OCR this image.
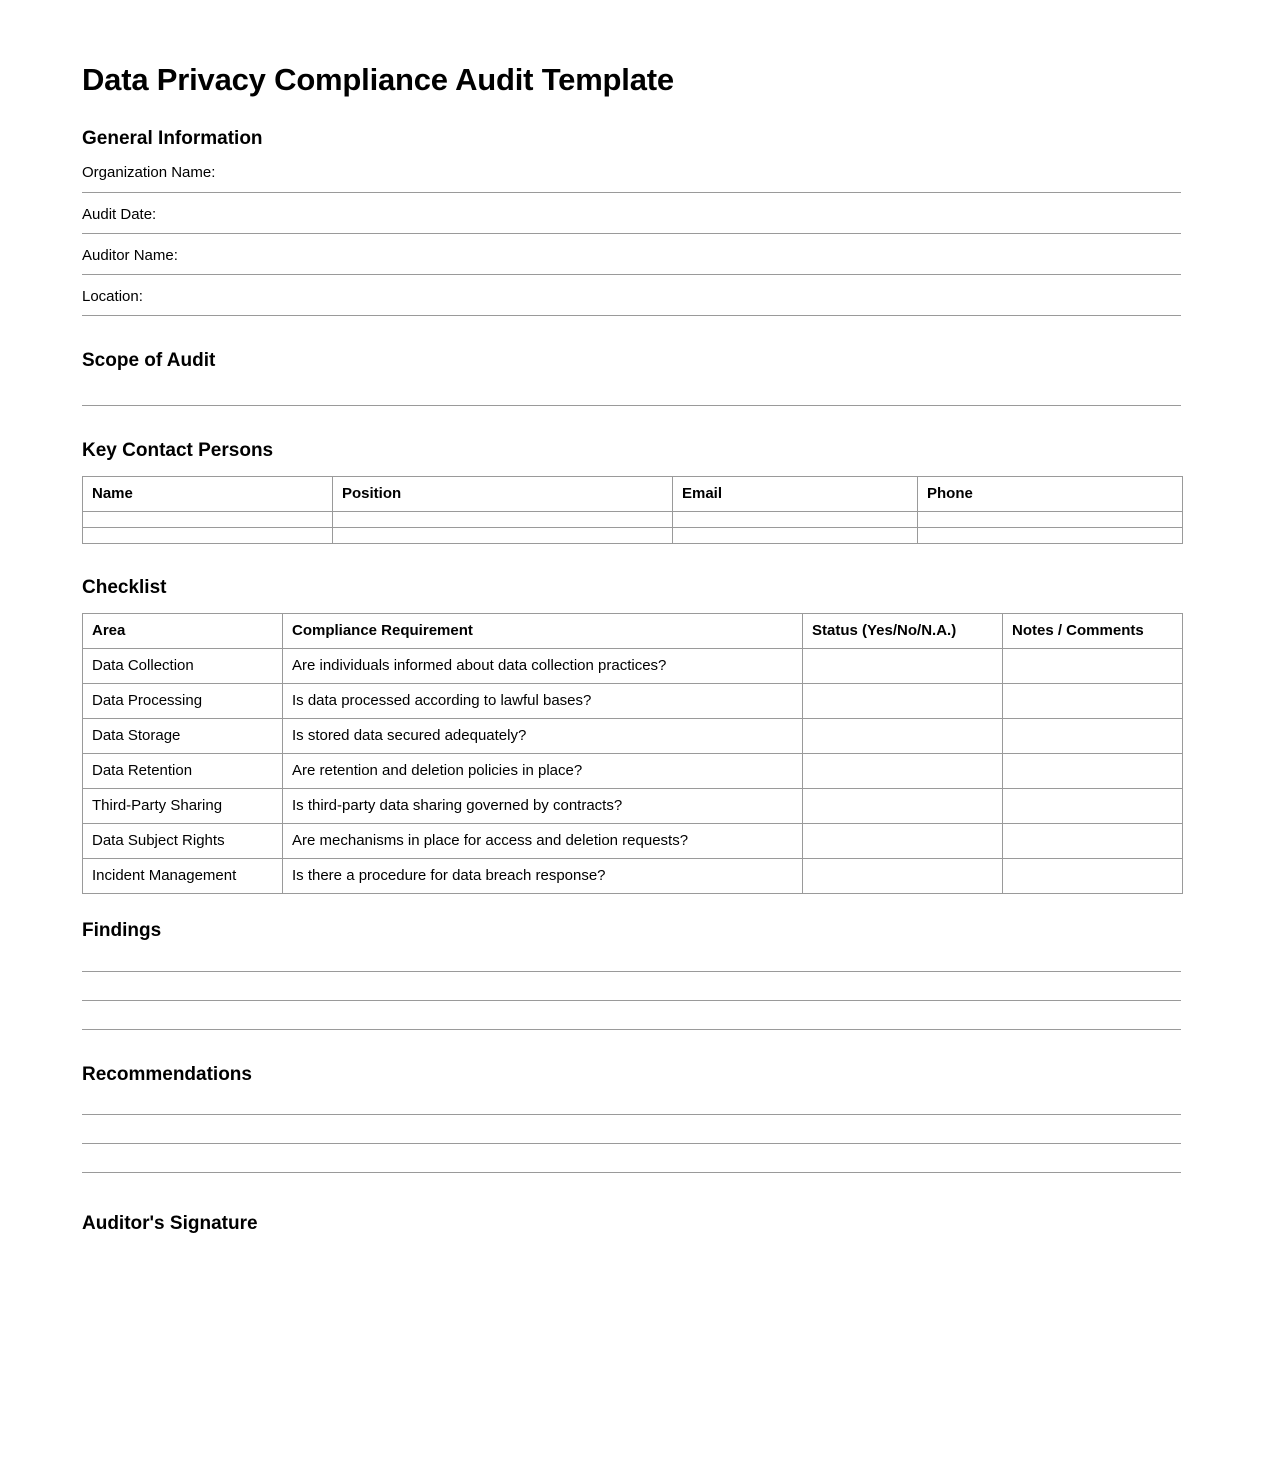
Data Privacy Compliance Audit Template
General Information
Organization Name:
Audit Date:
Auditor Name:
Location:
Scope of Audit
Key Contact Persons
Name	Position	Email	Phone

Checklist
Area	Compliance Requirement	Status (Yes/No/N.A.)	Notes / Comments
Data Collection	Are individuals informed about data collection practices?		
Data Processing	Is data processed according to lawful bases?		
Data Storage	Is stored data secured adequately?		
Data Retention	Are retention and deletion policies in place?		
Third-Party Sharing	Is third-party data sharing governed by contracts?		
Data Subject Rights	Are mechanisms in place for access and deletion requests?		
Incident Management	Is there a procedure for data breach response?		
Findings
Recommendations
Auditor's Signature
